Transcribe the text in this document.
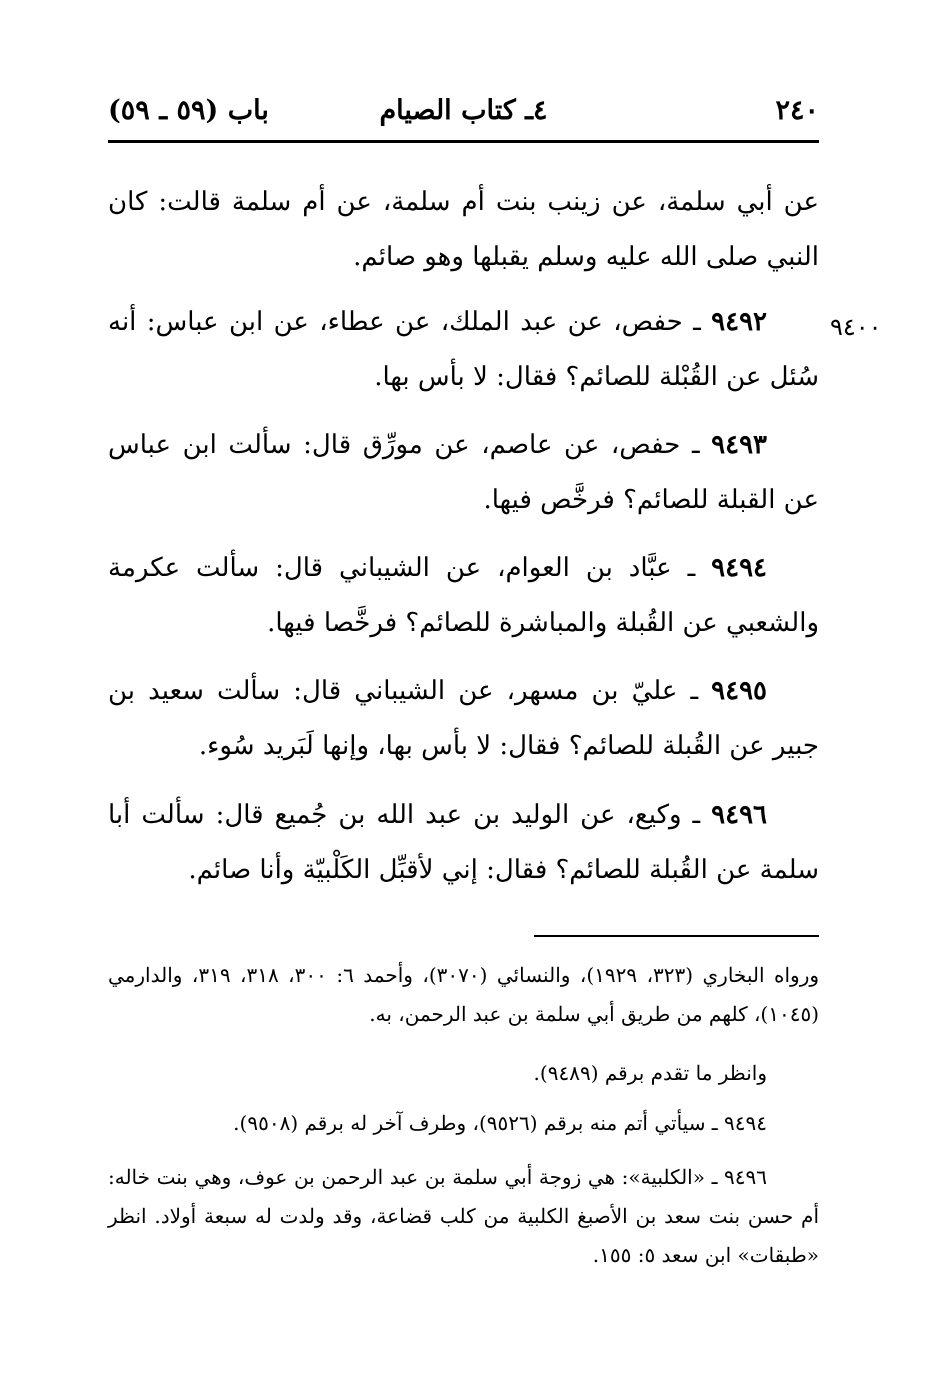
٢٤٠
٤ـ كتاب الصيام
باب (٥٩ ـ ٥٩)
٩٤٠٠
عن أبي سلمة، عن زينب بنت أم سلمة، عن أم سلمة قالت: كان النبي صلى الله عليه وسلم يقبلها وهو صائم.
٩٤٩٢ ـ حفص، عن عبد الملك، عن عطاء، عن ابن عباس: أنه سُئل عن القُبْلة للصائم؟ فقال: لا بأس بها.
٩٤٩٣ ـ حفص، عن عاصم، عن مورِّق قال: سألت ابن عباس عن القبلة للصائم؟ فرخَّص فيها.
٩٤٩٤ ـ عبَّاد بن العوام، عن الشيباني قال: سألت عكرمة والشعبي عن القُبلة والمباشرة للصائم؟ فرخَّصا فيها.
٩٤٩٥ ـ عليّ بن مسهر، عن الشيباني قال: سألت سعيد بن جبير عن القُبلة للصائم؟ فقال: لا بأس بها، وإنها لَبَريد سُوء.
٩٤٩٦ ـ وكيع، عن الوليد بن عبد الله بن جُميع قال: سألت أبا سلمة عن القُبلة للصائم؟ فقال: إني لأقبِّل الكَلْبيّة وأنا صائم.
ورواه البخاري (٣٢٣، ١٩٢٩)، والنسائي (٣٠٧٠)، وأحمد ٦: ٣٠٠، ٣١٨، ٣١٩، والدارمي (١٠٤٥)، كلهم من طريق أبي سلمة بن عبد الرحمن، به.
وانظر ما تقدم برقم (٩٤٨٩).
٩٤٩٤ ـ سيأتي أتم منه برقم (٩٥٢٦)، وطرف آخر له برقم (٩٥٠٨).
٩٤٩٦ ـ «الكلبية»: هي زوجة أبي سلمة بن عبد الرحمن بن عوف، وهي بنت خاله: أم حسن بنت سعد بن الأصبغ الكلبية من كلب قضاعة، وقد ولدت له سبعة أولاد. انظر «طبقات» ابن سعد ٥: ١٥٥.
